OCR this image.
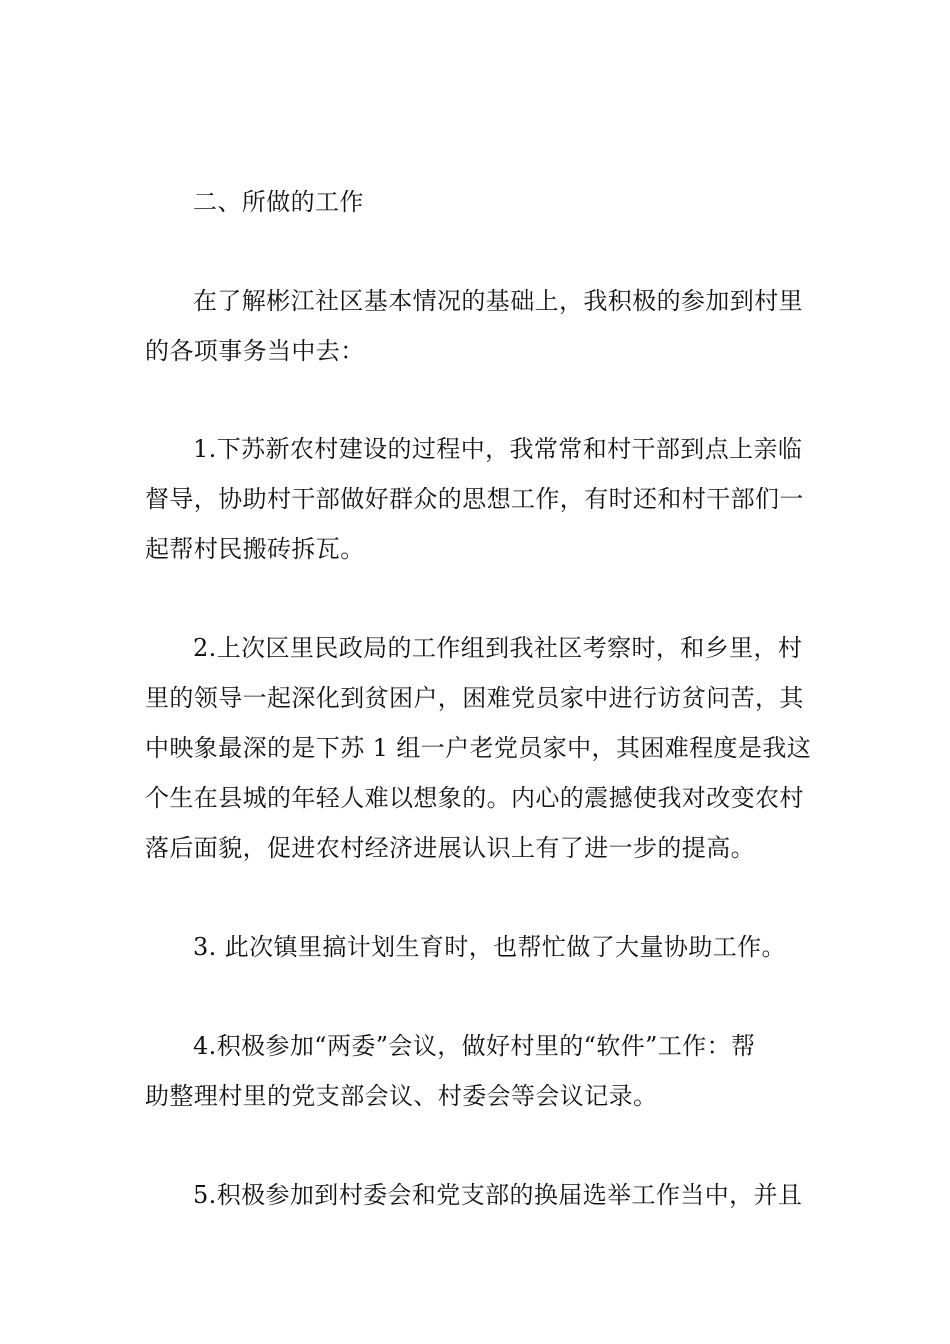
二、所做的工作
在了解彬江社区基本情况的基础上，我积极的参加到村里
的各项事务当中去：
1.下苏新农村建设的过程中，我常常和村干部到点上亲临
督导，协助村干部做好群众的思想工作，有时还和村干部们一
起帮村民搬砖拆瓦。
2.上次区里民政局的工作组到我社区考察时，和乡里，村
里的领导一起深化到贫困户，困难党员家中进行访贫问苦，其
中映象最深的是下苏 1 组一户老党员家中，其困难程度是我这
个生在县城的年轻人难以想象的。内心的震撼使我对改变农村
落后面貌，促进农村经济进展认识上有了进一步的提高。
3. 此次镇里搞计划生育时，也帮忙做了大量协助工作。
4.积极参加“两委”会议，做好村里的“软件”工作：帮
助整理村里的党支部会议、村委会等会议记录。
5.积极参加到村委会和党支部的换届选举工作当中，并且
